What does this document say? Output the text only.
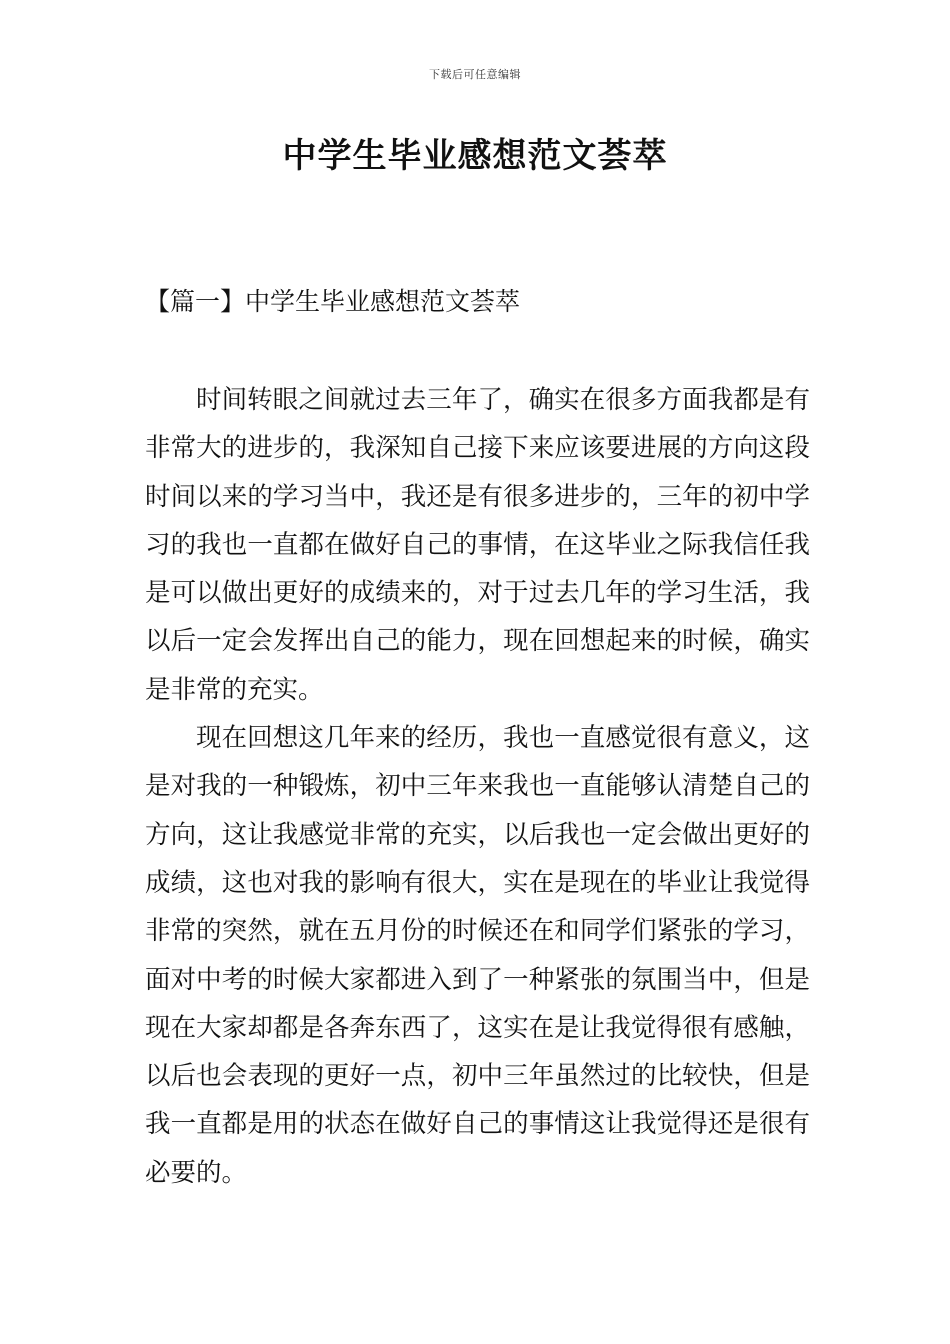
下载后可任意编辑
中学生毕业感想范文荟萃
【篇一】中学生毕业感想范文荟萃

时间转眼之间就过去三年了，确实在很多方面我都是有非常大的进步的，我深知自己接下来应该要进展的方向这段时间以来的学习当中，我还是有很多进步的，三年的初中学习的我也一直都在做好自己的事情，在这毕业之际我信任我是可以做出更好的成绩来的，对于过去几年的学习生活，我以后一定会发挥出自己的能力，现在回想起来的时候，确实是非常的充实。

现在回想这几年来的经历，我也一直感觉很有意义，这是对我的一种锻炼，初中三年来我也一直能够认清楚自己的方向，这让我感觉非常的充实，以后我也一定会做出更好的成绩，这也对我的影响有很大，实在是现在的毕业让我觉得非常的突然，就在五月份的时候还在和同学们紧张的学习，面对中考的时候大家都进入到了一种紧张的氛围当中，但是现在大家却都是各奔东西了，这实在是让我觉得很有感触，以后也会表现的更好一点，初中三年虽然过的比较快，但是我一直都是用的状态在做好自己的事情这让我觉得还是很有必要的。
